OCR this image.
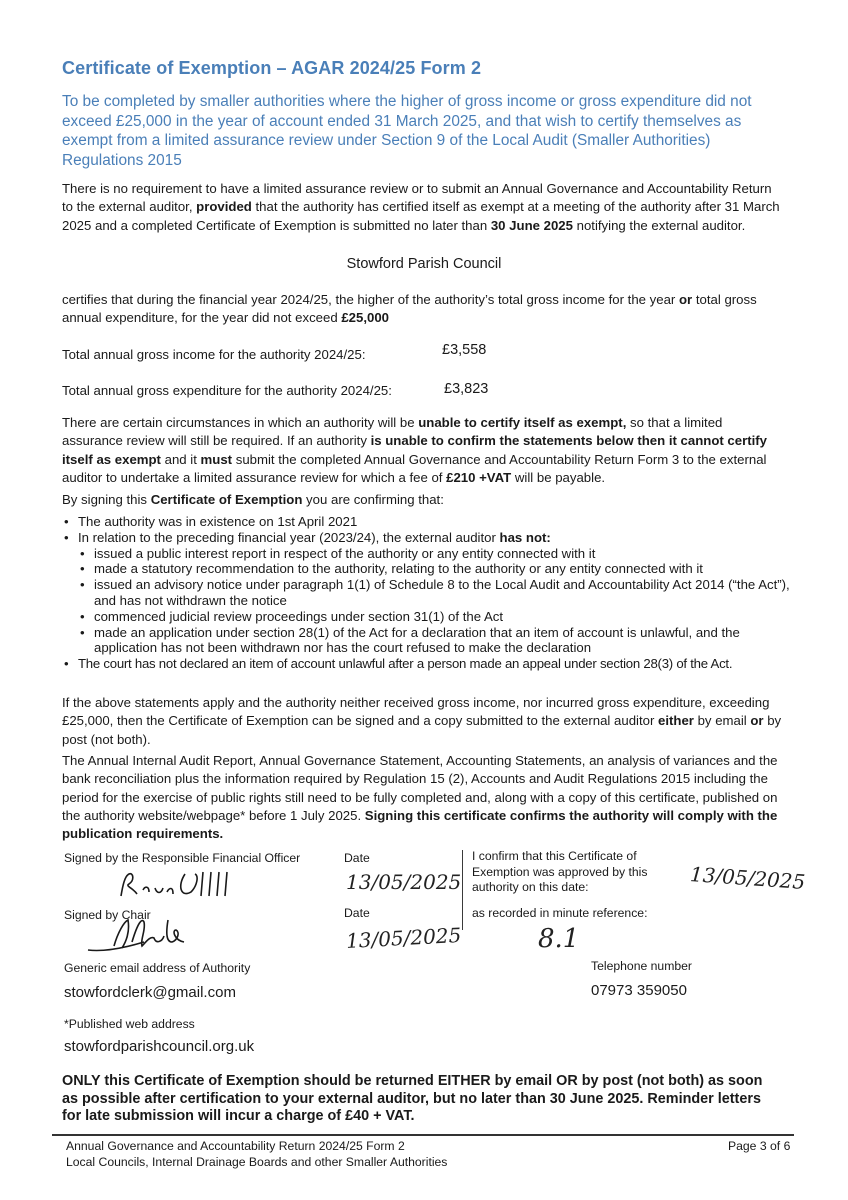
Certificate of Exemption – AGAR 2024/25 Form 2
To be completed by smaller authorities where the higher of gross income or gross expenditure did not exceed £25,000 in the year of account ended 31 March 2025, and that wish to certify themselves as exempt from a limited assurance review under Section 9 of the Local Audit (Smaller Authorities) Regulations 2015
There is no requirement to have a limited assurance review or to submit an Annual Governance and Accountability Return to the external auditor, provided that the authority has certified itself as exempt at a meeting of the authority after 31 March 2025 and a completed Certificate of Exemption is submitted no later than 30 June 2025 notifying the external auditor.
Stowford Parish Council
certifies that during the financial year 2024/25, the higher of the authority’s total gross income for the year or total gross annual expenditure, for the year did not exceed £25,000
Total annual gross income for the authority 2024/25:	£3,558
Total annual gross expenditure for the authority 2024/25:	£3,823
There are certain circumstances in which an authority will be unable to certify itself as exempt, so that a limited assurance review will still be required. If an authority is unable to confirm the statements below then it cannot certify itself as exempt and it must submit the completed Annual Governance and Accountability Return Form 3 to the external auditor to undertake a limited assurance review for which a fee of £210 +VAT will be payable.
By signing this Certificate of Exemption you are confirming that:
• The authority was in existence on 1st April 2021
• In relation to the preceding financial year (2023/24), the external auditor has not:
• issued a public interest report in respect of the authority or any entity connected with it
• made a statutory recommendation to the authority, relating to the authority or any entity connected with it
• issued an advisory notice under paragraph 1(1) of Schedule 8 to the Local Audit and Accountability Act 2014 (“the Act”), and has not withdrawn the notice
• commenced judicial review proceedings under section 31(1) of the Act
• made an application under section 28(1) of the Act for a declaration that an item of account is unlawful, and the application has not been withdrawn nor has the court refused to make the declaration
• The court has not declared an item of account unlawful after a person made an appeal under section 28(3) of the Act.
If the above statements apply and the authority neither received gross income, nor incurred gross expenditure, exceeding £25,000, then the Certificate of Exemption can be signed and a copy submitted to the external auditor either by email or by post (not both).
The Annual Internal Audit Report, Annual Governance Statement, Accounting Statements, an analysis of variances and the bank reconciliation plus the information required by Regulation 15 (2), Accounts and Audit Regulations 2015 including the period for the exercise of public rights still need to be fully completed and, along with a copy of this certificate, published on the authority website/webpage* before 1 July 2025. Signing this certificate confirms the authority will comply with the publication requirements.
Signed by the Responsible Financial Officer	Date
13/05/2025
Signed by Chair	Date
13/05/2025
I confirm that this Certificate of Exemption was approved by this authority on this date:	13/05/2025
as recorded in minute reference:
8.1
Generic email address of Authority
stowfordclerk@gmail.com
Telephone number
07973 359050
*Published web address
stowfordparishcouncil.org.uk
ONLY this Certificate of Exemption should be returned EITHER by email OR by post (not both) as soon as possible after certification to your external auditor, but no later than 30 June 2025. Reminder letters for late submission will incur a charge of £40 + VAT.
Annual Governance and Accountability Return 2024/25 Form 2
Local Councils, Internal Drainage Boards and other Smaller Authorities
Page 3 of 6
